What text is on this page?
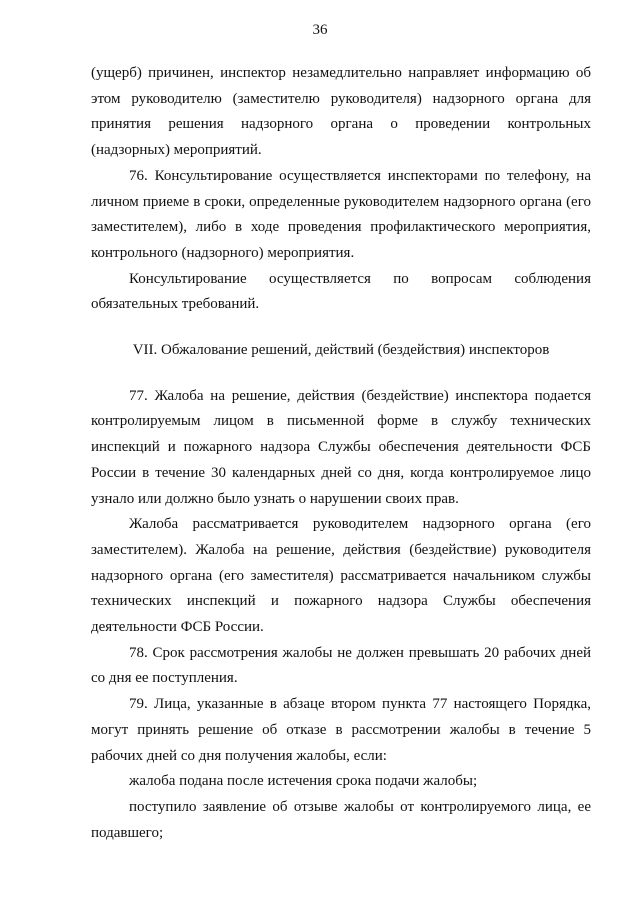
36

(ущерб) причинен, инспектор незамедлительно направляет информацию об этом руководителю (заместителю руководителя) надзорного органа для принятия решения надзорного органа о проведении контрольных (надзорных) мероприятий.

76. Консультирование осуществляется инспекторами по телефону, на личном приеме в сроки, определенные руководителем надзорного органа (его заместителем), либо в ходе проведения профилактического мероприятия, контрольного (надзорного) мероприятия.

Консультирование осуществляется по вопросам соблюдения обязательных требований.

VII. Обжалование решений, действий (бездействия) инспекторов

77. Жалоба на решение, действия (бездействие) инспектора подается контролируемым лицом в письменной форме в службу технических инспекций и пожарного надзора Службы обеспечения деятельности ФСБ России в течение 30 календарных дней со дня, когда контролируемое лицо узнало или должно было узнать о нарушении своих прав.

Жалоба рассматривается руководителем надзорного органа (его заместителем). Жалоба на решение, действия (бездействие) руководителя надзорного органа (его заместителя) рассматривается начальником службы технических инспекций и пожарного надзора Службы обеспечения деятельности ФСБ России.

78. Срок рассмотрения жалобы не должен превышать 20 рабочих дней со дня ее поступления.

79. Лица, указанные в абзаце втором пункта 77 настоящего Порядка, могут принять решение об отказе в рассмотрении жалобы в течение 5 рабочих дней со дня получения жалобы, если:

жалоба подана после истечения срока подачи жалобы;

поступило заявление об отзыве жалобы от контролируемого лица, ее подавшего;
